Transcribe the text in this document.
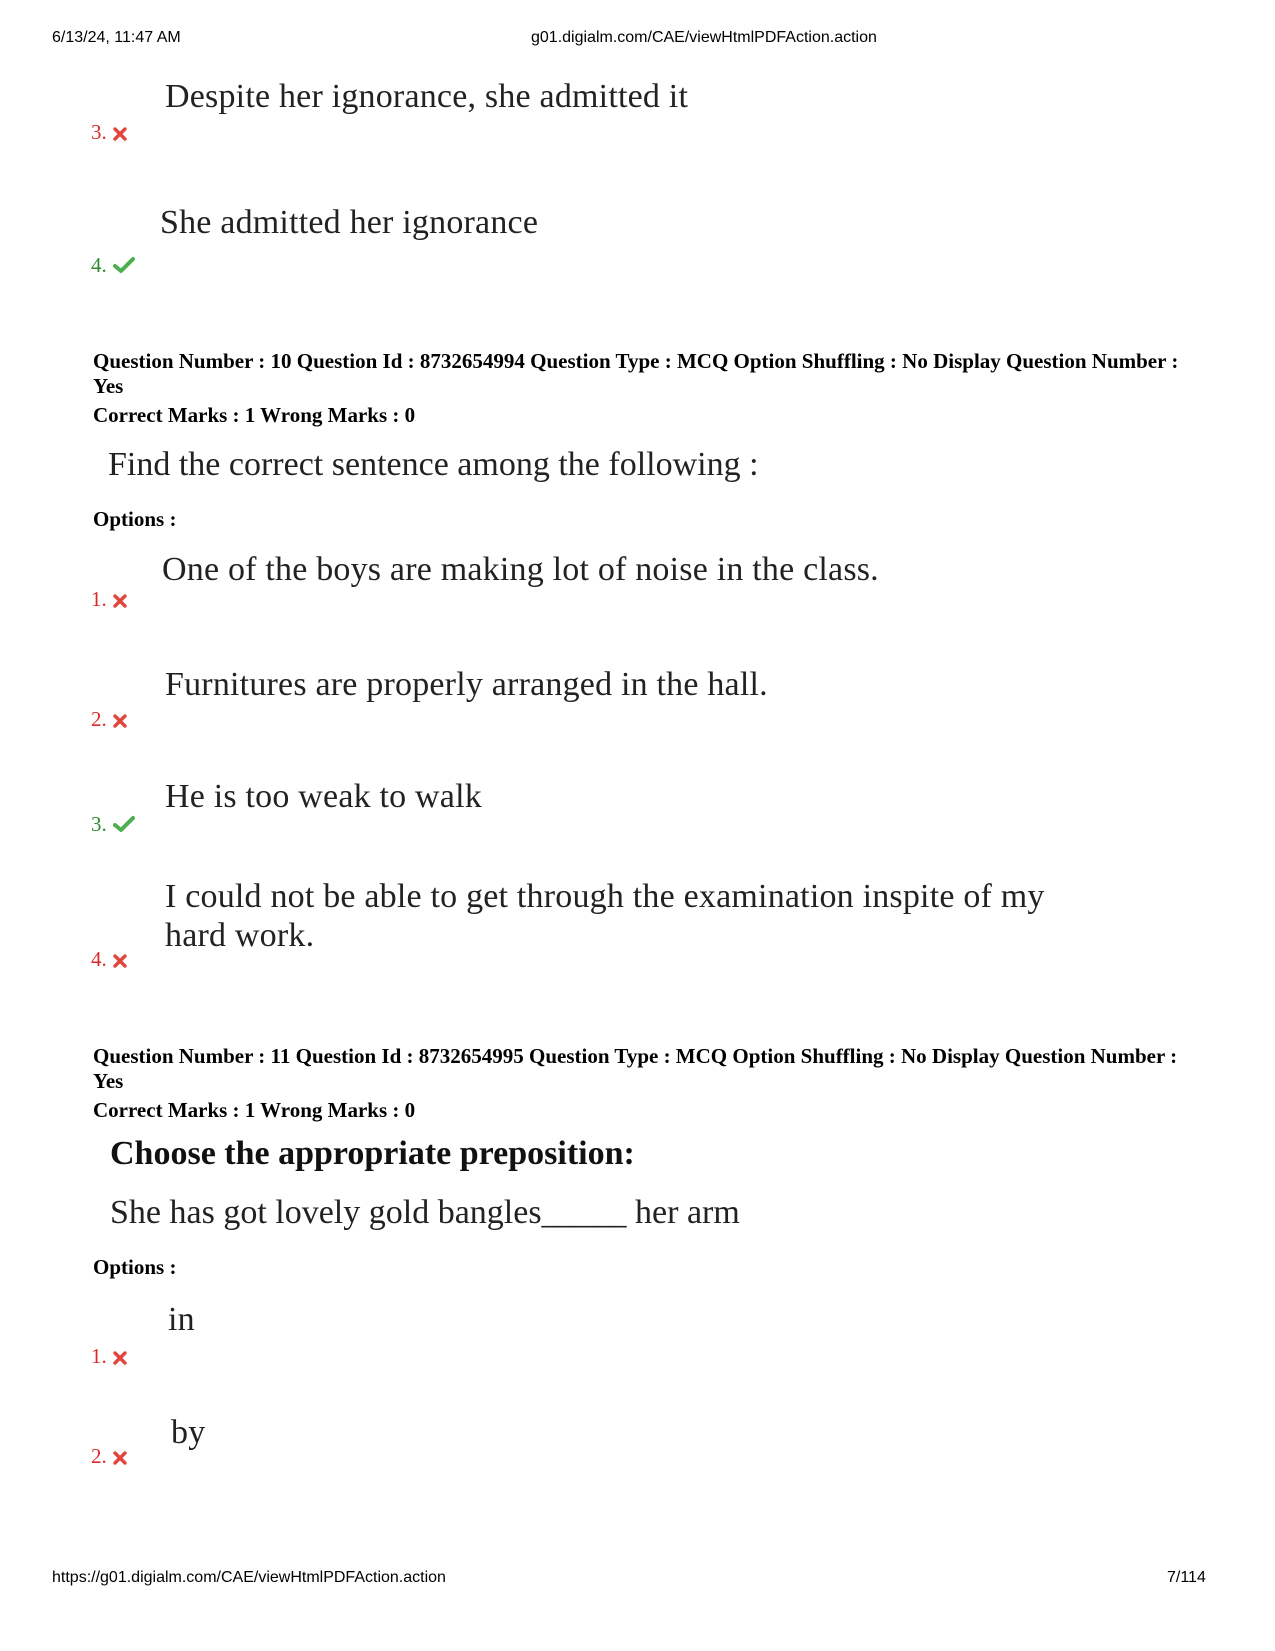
6/13/24, 11:47 AM	g01.digialm.com/CAE/viewHtmlPDFAction.action
Despite her ignorance, she admitted it
3.
She admitted her ignorance
4.
Question Number : 10 Question Id : 8732654994 Question Type : MCQ Option Shuffling : No Display Question Number : Yes
Correct Marks : 1 Wrong Marks : 0
Find the correct sentence among the following :
Options :
One of the boys are making lot of noise in the class.
1.
Furnitures are properly arranged in the hall.
2.
He is too weak to walk
3.
I could not be able to get through the examination inspite of my
hard work.
4.
Question Number : 11 Question Id : 8732654995 Question Type : MCQ Option Shuffling : No Display Question Number : Yes
Correct Marks : 1 Wrong Marks : 0
Choose the appropriate preposition:
She has got lovely gold bangles_____ her arm
Options :
in
1.
by
2.
https://g01.digialm.com/CAE/viewHtmlPDFAction.action	7/114
